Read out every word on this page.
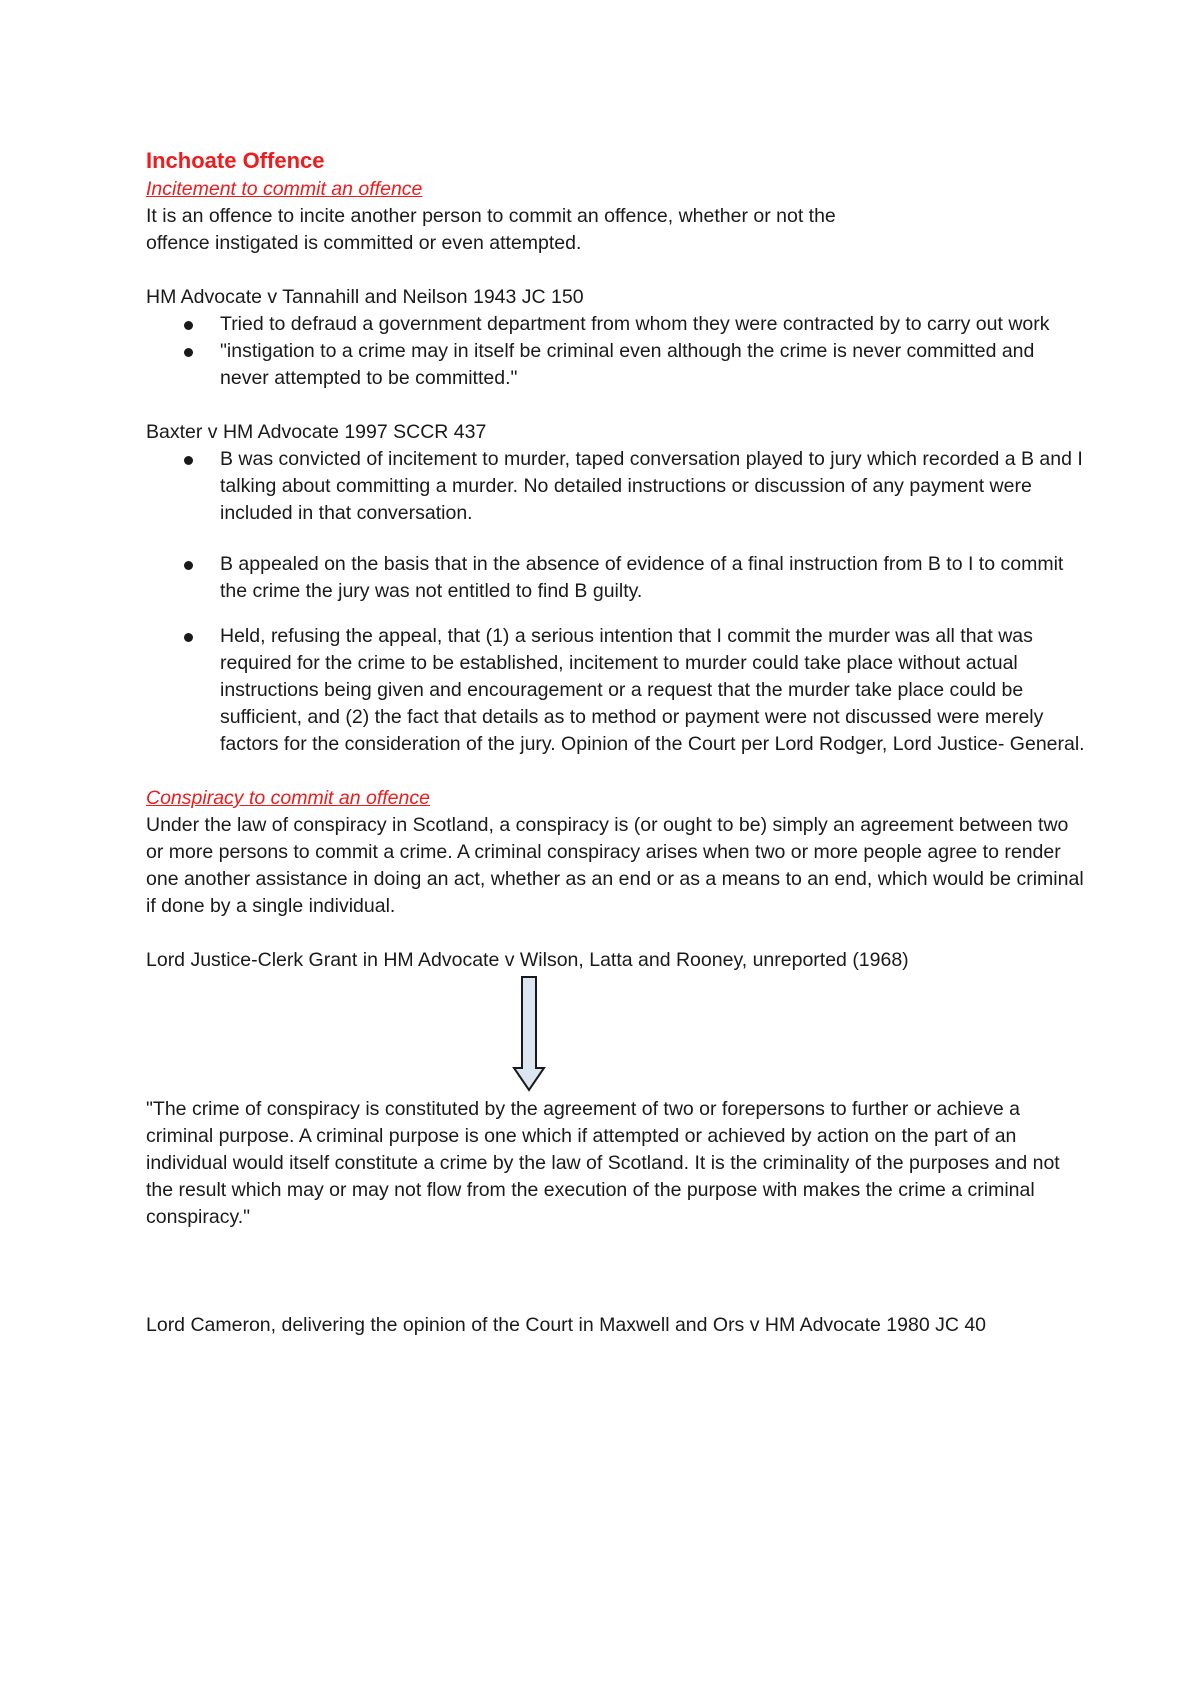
Inchoate Offence

Incitement to commit an offence

It is an offence to incite another person to commit an offence, whether or not the

offence instigated is committed or even attempted.

HM Advocate v Tannahill and Neilson 1943 JC 150

Tried to defraud a government department from whom they were contracted by to carry out work
"instigation to a crime may in itself be criminal even although the crime is never committed and never attempted to be committed."

Baxter v HM Advocate 1997 SCCR 437

B was convicted of incitement to murder, taped conversation played to jury which recorded a B and I talking about committing a murder. No detailed instructions or discussion of any payment were included in that conversation.
B appealed on the basis that in the absence of evidence of a final instruction from B to I to commit the crime the jury was not entitled to find B guilty.
Held, refusing the appeal, that (1) a serious intention that I commit the murder was all that was required for the crime to be established, incitement to murder could take place without actual instructions being given and encouragement or a request that the murder take place could be sufficient, and (2) the fact that details as to method or payment were not discussed were merely factors for the consideration of the jury. Opinion of the Court per Lord Rodger, Lord Justice- General.

Conspiracy to commit an offence

Under the law of conspiracy in Scotland, a conspiracy is (or ought to be) simply an agreement between two or more persons to commit a crime. A criminal conspiracy arises when two or more people agree to render one another assistance in doing an act, whether as an end or as a means to an end, which would be criminal if done by a single individual.

Lord Justice-Clerk Grant in HM Advocate v Wilson, Latta and Rooney, unreported (1968)

"The crime of conspiracy is constituted by the agreement of two or forepersons to further or achieve a criminal purpose. A criminal purpose is one which if attempted or achieved by action on the part of an individual would itself constitute a crime by the law of Scotland. It is the criminality of the purposes and not the result which may or may not flow from the execution of the purpose with makes the crime a criminal conspiracy."

Lord Cameron, delivering the opinion of the Court in Maxwell and Ors v HM Advocate 1980 JC 40
